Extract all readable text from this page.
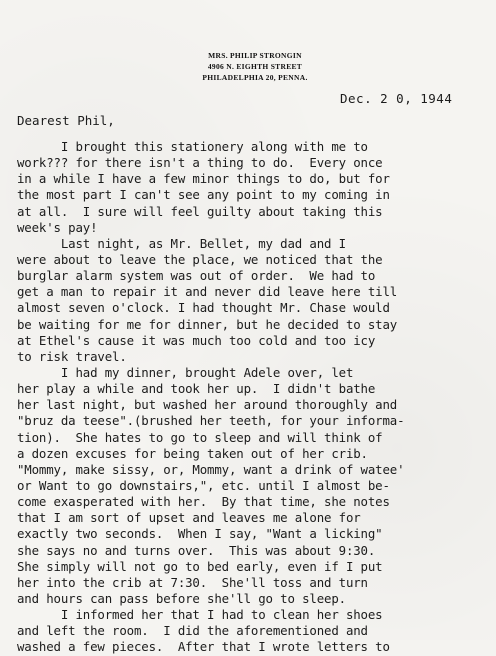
MRS. PHILIP STRONGIN
4906 N. EIGHTH STREET
PHILADELPHIA 20, PENNA.
Dec. 2 0, 1944
Dearest Phil,
I brought this stationery along with me to
work??? for there isn't a thing to do.  Every once
in a while I have a few minor things to do, but for
the most part I can't see any point to my coming in
at all.  I sure will feel guilty about taking this
week's pay!
Last night, as Mr. Bellet, my dad and I
were about to leave the place, we noticed that the
burglar alarm system was out of order.  We had to
get a man to repair it and never did leave here till
almost seven o'clock. I had thought Mr. Chase would
be waiting for me for dinner, but he decided to stay
at Ethel's cause it was much too cold and too icy
to risk travel.
I had my dinner, brought Adele over, let
her play a while and took her up.  I didn't bathe
her last night, but washed her around thoroughly and
"bruz da teese".(brushed her teeth, for your informa-
tion).  She hates to go to sleep and will think of
a dozen excuses for being taken out of her crib.
"Mommy, make sissy, or, Mommy, want a drink of watee'
or Want to go downstairs,", etc. until I almost be-
come exasperated with her.  By that time, she notes
that I am sort of upset and leaves me alone for
exactly two seconds.  When I say, "Want a licking"
she says no and turns over.  This was about 9:30.
She simply will not go to bed early, even if I put
her into the crib at 7:30.  She'll toss and turn
and hours can pass before she'll go to sleep.
I informed her that I had to clean her shoes
and left the room.  I did the aforementioned and
washed a few pieces.  After that I wrote letters to
